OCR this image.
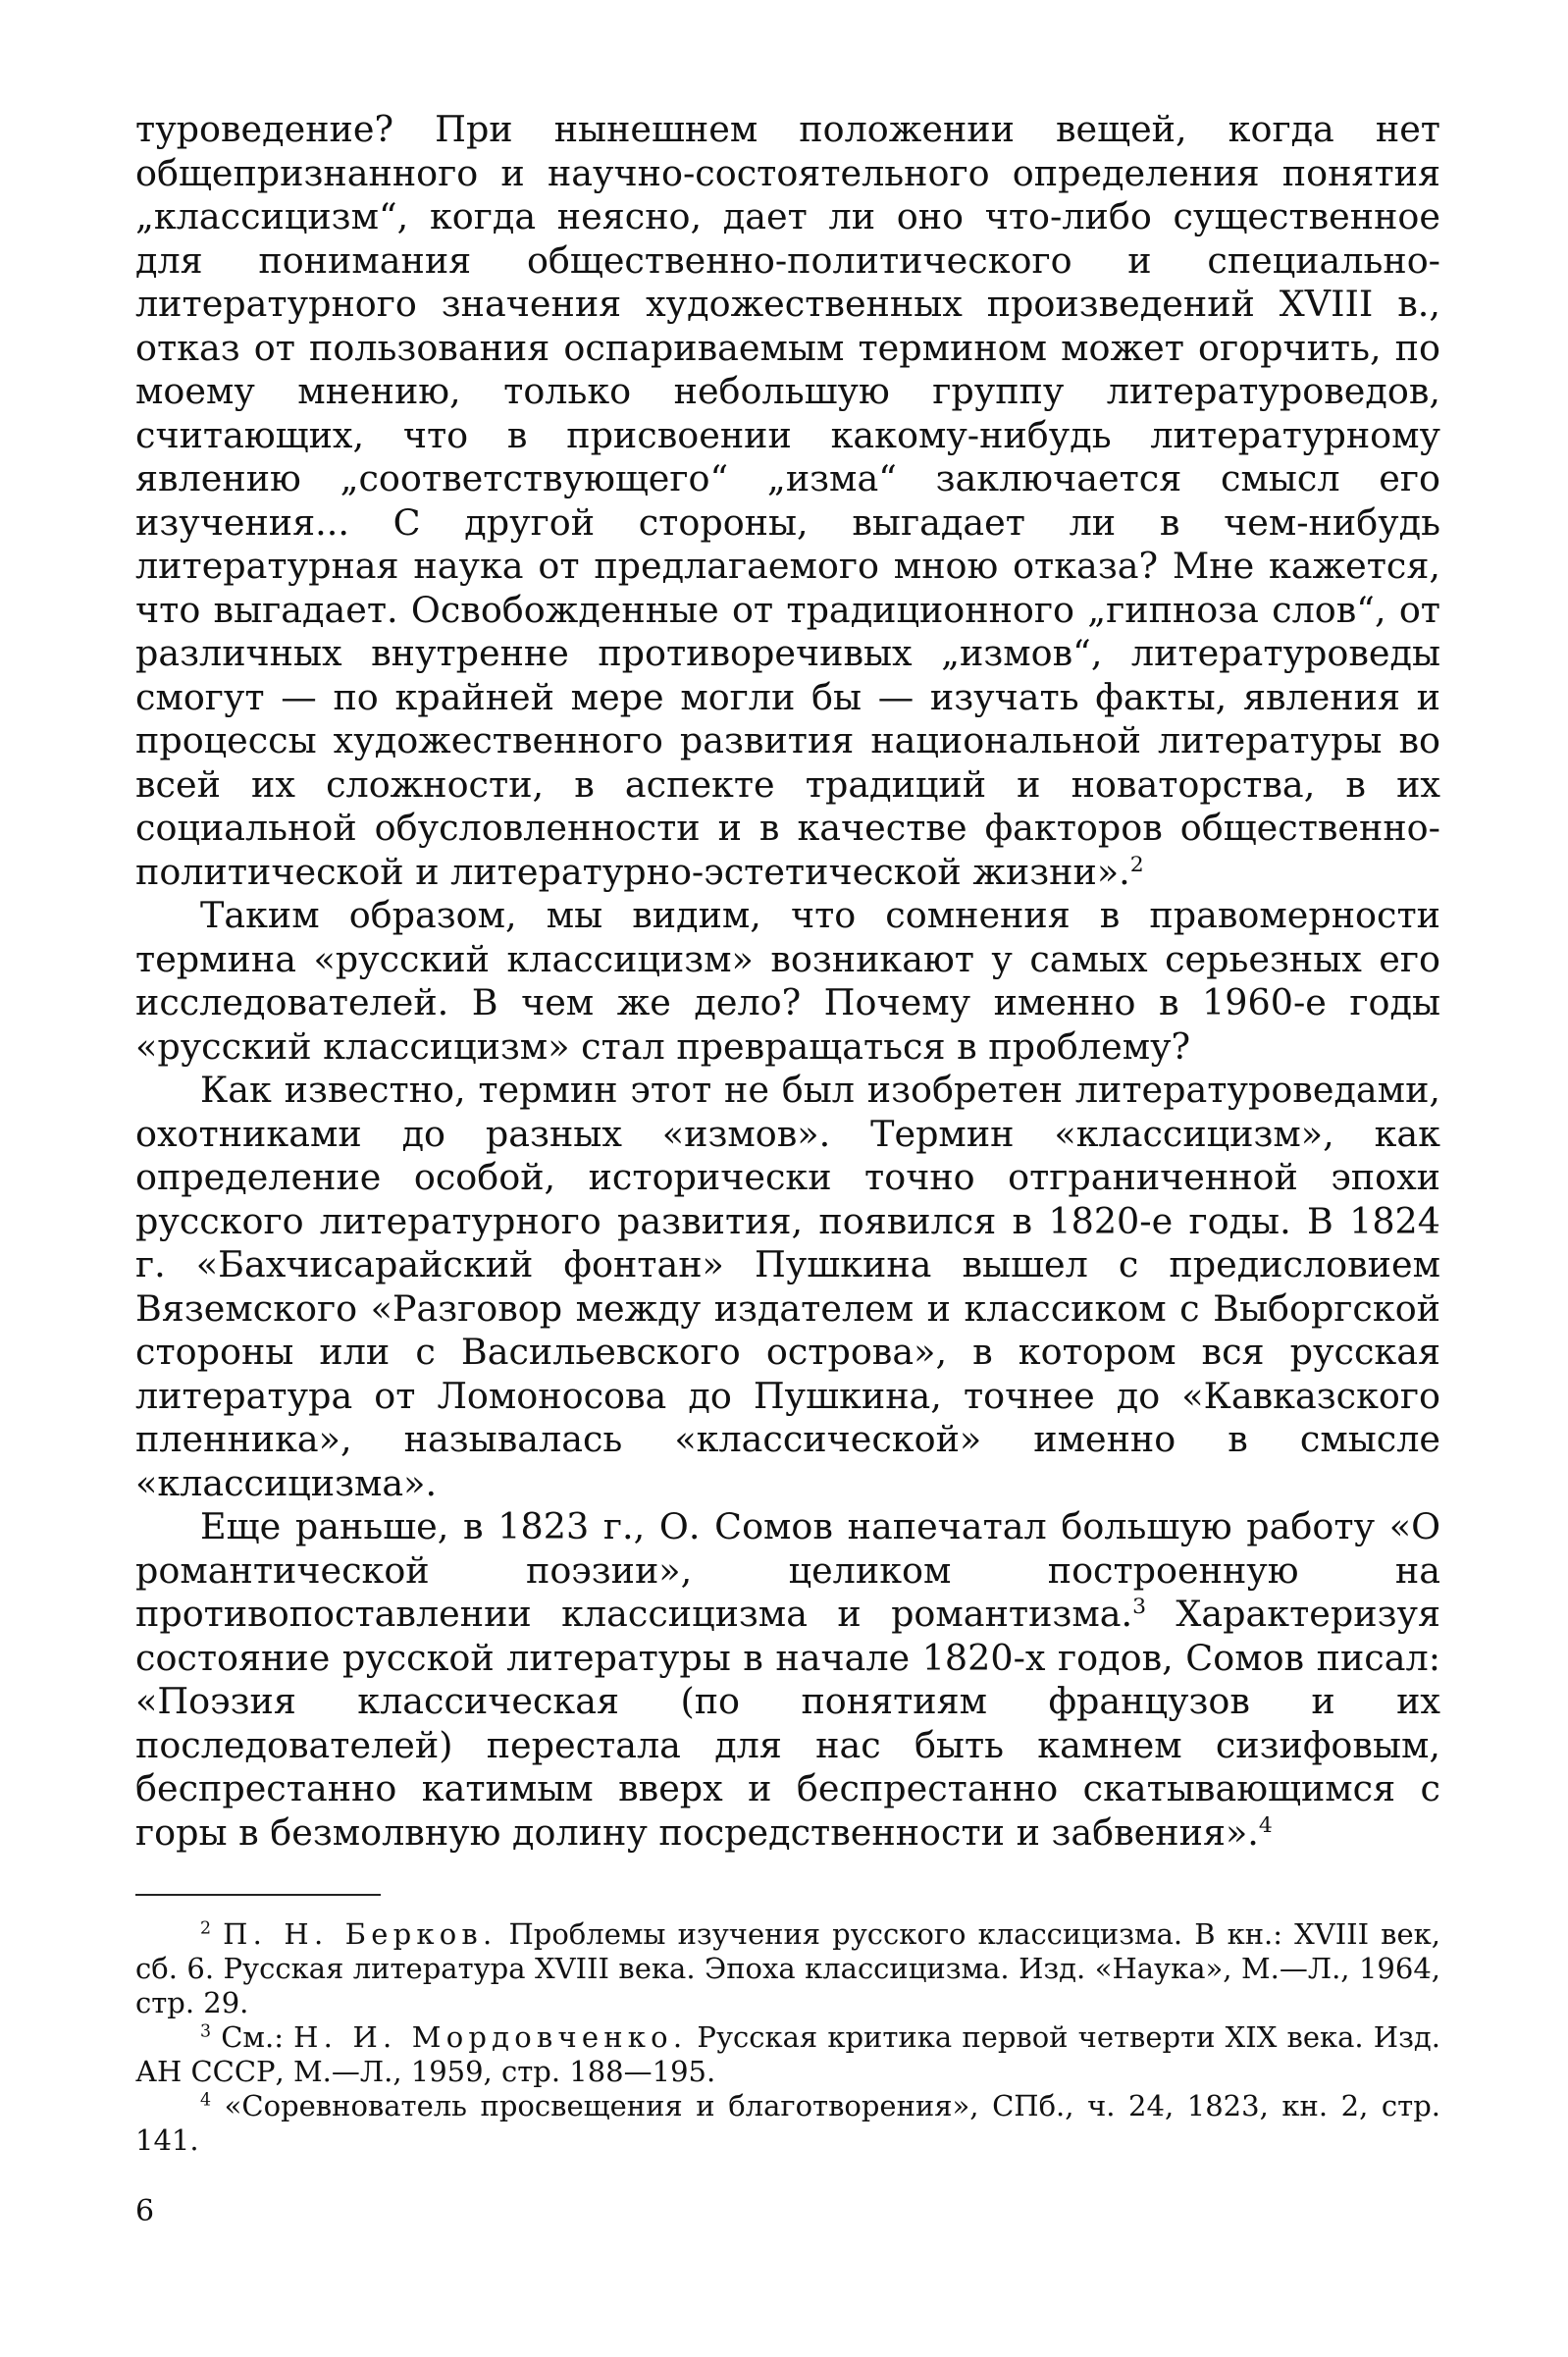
туроведение? При нынешнем положении вещей, когда нет общепризнанного и научно-состоятельного определения понятия „классицизм“, когда неясно, дает ли оно что-либо существенное для понимания общественно-политического и специально-литературного значения художественных произведений XVIII в., отказ от пользования оспариваемым термином может огорчить, по моему мнению, только небольшую группу литературоведов, считающих, что в присвоении какому-нибудь литературному явлению „соответствующего“ „изма“ заключается смысл его изучения... С другой стороны, выгадает ли в чем-нибудь литературная наука от предлагаемого мною отказа? Мне кажется, что выгадает. Освобожденные от традиционного „гипноза слов“, от различных внутренне противоречивых „измов“, литературоведы смогут — по крайней мере могли бы — изучать факты, явления и процессы художественного развития национальной литературы во всей их сложности, в аспекте традиций и новаторства, в их социальной обусловленности и в качестве факторов общественно-политической и литературно-эстетической жизни».$^2$

Таким образом, мы видим, что сомнения в правомерности термина «русский классицизм» возникают у самых серьезных его исследователей. В чем же дело? Почему именно в 1960-е годы «русский классицизм» стал превращаться в проблему?

Как известно, термин этот не был изобретен литературоведами, охотниками до разных «измов». Термин «классицизм», как определение особой, исторически точно отграниченной эпохи русского литературного развития, появился в 1820-е годы. В 1824 г. «Бахчисарайский фонтан» Пушкина вышел с предисловием Вяземского «Разговор между издателем и классиком с Выборгской стороны или с Васильевского острова», в котором вся русская литература от Ломоносова до Пушкина, точнее до «Кавказского пленника», называлась «классической» именно в смысле «классицизма».

Еще раньше, в 1823 г., О. Сомов напечатал большую работу «О романтической поэзии», целиком построенную на противопоставлении классицизма и романтизма.$^3$ Характеризуя состояние русской литературы в начале 1820-х годов, Сомов писал: «Поэзия классическая (по понятиям французов и их последователей) перестала для нас быть камнем сизифовым, беспрестанно катимым вверх и беспрестанно скатывающимся с горы в безмолвную долину посредственности и забвения».$^4$

$^2$ П. Н. Берков. Проблемы изучения русского классицизма. В кн.: XVIII век, сб. 6. Русская литература XVIII века. Эпоха классицизма. Изд. «Наука», М.—Л., 1964, стр. 29.

$^3$ См.: Н. И. Мордовченко. Русская критика первой четверти XIX века. Изд. АН СССР, М.—Л., 1959, стр. 188—195.

$^4$ «Соревнователь просвещения и благотворения», СПб., ч. 24, 1823, кн. 2, стр. 141.

6
